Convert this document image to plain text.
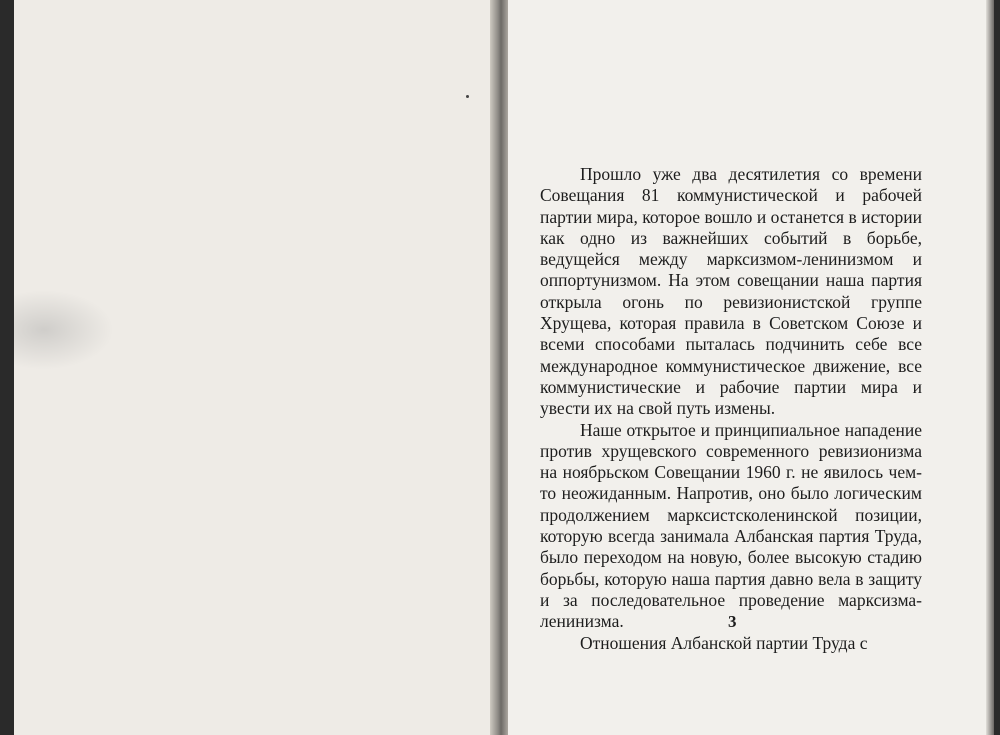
Прошло уже два десятилетия со времени Совещания 81 коммунистической и рабочей партии мира, которое вошло и останется в истории как одно из важнейших событий в борьбе, ведущейся между марксизмом-ленинизмом и оппортунизмом. На этом совещании наша партия открыла огонь по ревизионистской группе Хрущева, которая правила в Советском Союзе и всеми способами пыталась подчинить себе все международное коммунистическое движение, все коммунистические и рабочие партии мира и увести их на свой путь измены.

Наше открытое и принципиальное нападение против хрущевского современного ревизионизма на ноябрьском Совещании 1960 г. не явилось чем-то неожиданным. Напротив, оно было логическим продолжением марксистсколенинской позиции, которую всегда занимала Албанская партия Труда, было переходом на новую, более высокую стадию борьбы, которую наша партия давно вела в защиту и за последовательное проведение марксизма-ленинизма.

Отношения Албанской партии Труда с

3
